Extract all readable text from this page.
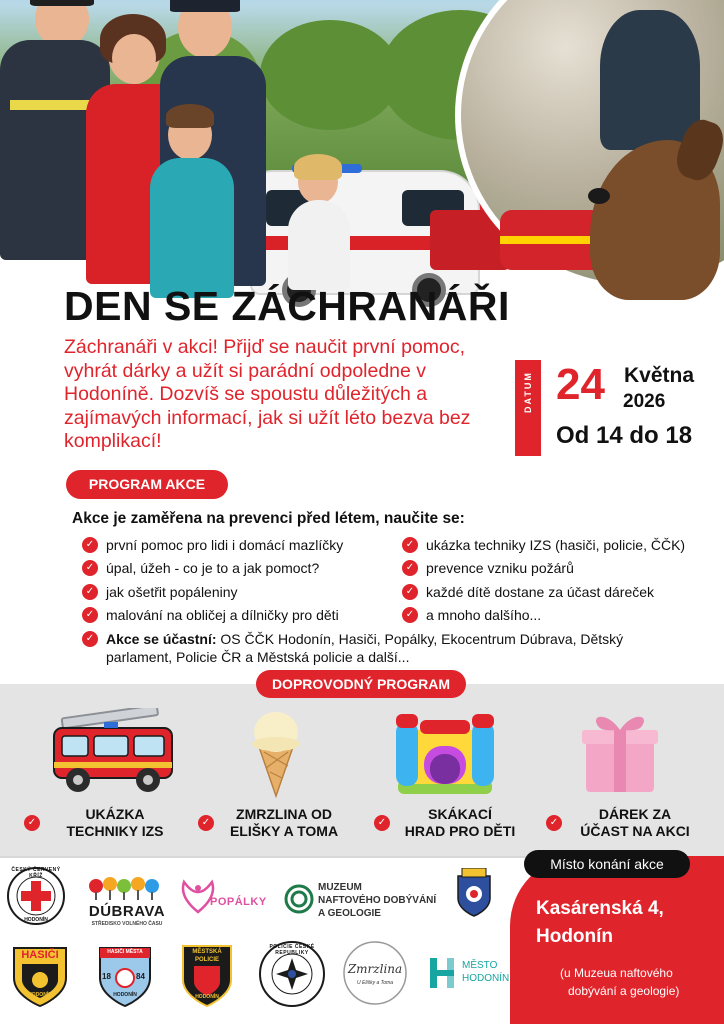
DEN SE ZÁCHRANÁŘI

Záchranáři v akci! Přijď se naučit první pomoc, vyhrát dárky a užít si parádní odpoledne v Hodoníně. Dozvíš se spoustu důležitých a zajímavých informací, jak si užít léto bezva bez komplikací!

DATUM 24 Května
2026
Od 14 do 18
PROGRAM AKCE
Akce je zaměřena na prevenci před létem, naučite se:
✓ první pomoc pro lidi i domácí mazlíčky
✓ úpal, úžeh - co je to a jak pomoct?
✓ jak ošetřit popáleniny
✓ malování na obličej a dílničky pro děti
✓ ukázka techniky IZS (hasiči, policie, ČČK)
✓ prevence vzniku požárů
✓ každé dítě dostane za účast dáreček
✓ a mnoho dalšího...
✓ Akce se účastní: OS ČČK Hodonín, Hasiči, Popálky, Ekocentrum Dúbrava, Dětský parlament, Policie ČR a Městská policie a další...
DOPROVODNÝ PROGRAM
✓
UKÁZKA
TECHNIKY IZS
✓
ZMRZLINA OD
ELIŠKY A TOMA
✓
SKÁKACÍ
HRAD PRO DĚTI
✓
DÁREK ZA
ÚČAST NA AKCI
Místo konání akce
Kasárenská 4,
Hodonín
(u Muzeua naftového
dobývání a geologie)
ČESKÝ ČERVENÝ KŘÍŽ
HODONÍN	DÚBRAVA
STŘEDISKO VOLNÉHO ČASU
POPÁLKY
MUZEUM
NAFTOVÉHO DOBÝVÁNÍ
A GEOLOGIE
HASIČI
HODONÍN
HASIČI MĚSTA
18	84
HODONÍN
MĚSTSKÁ
POLICIE
HODONÍN
POLICIE ČESKÉ REPUBLIKY
Zmrzlina
U Elišky a Toma
MĚSTO
HODONÍN
